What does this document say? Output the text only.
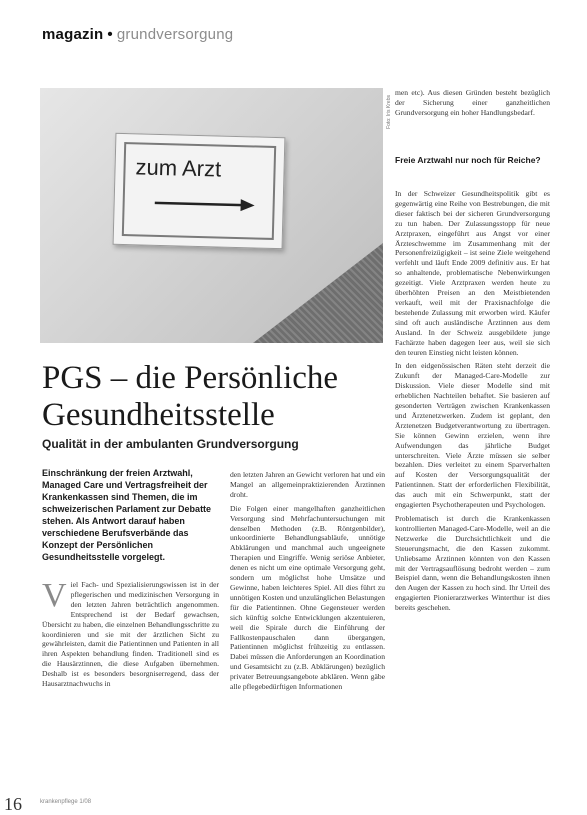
magazin • grundversorgung
zum Arzt
Foto: Iris Krebs
PGS – die Persönliche
Gesundheitsstelle
Qualität in der ambulanten Grundversorgung
Einschränkung der freien Arztwahl, Managed Care und Vertragsfreiheit der Krankenkassen sind Themen, die im schweizerischen Parlament zur Debatte stehen. Als Antwort darauf haben verschiedene Berufsverbände das Konzept der Persönlichen Gesundheitsstelle vorgelegt.
Viel Fach- und Spezialisierungswissen ist in der pflegerischen und medizinischen Versorgung in den letzten Jahren beträchtlich angenommen. Entsprechend ist der Bedarf gewachsen, Übersicht zu haben, die einzelnen Behandlungsschritte zu koordinieren und sie mit der ärztlichen Sicht zu gewährleisten, damit die Patientinnen und Patienten in all ihren Aspekten behandlung finden. Traditionell sind es die Hausärztinnen, die diese Aufgaben übernehmen. Deshalb ist es besonders besorgniserregend, dass der Hausarztnachwuchs in

den letzten Jahren an Gewicht verloren hat und ein Mangel an allgemeinpraktizierenden Ärztinnen droht.

Die Folgen einer mangelhaften ganzheitlichen Versorgung sind Mehrfachuntersuchungen mit denselben Methoden (z.B. Röntgenbilder), unkoordinierte Behandlungsabläufe, unnötige Abklärungen und manchmal auch ungeeignete Therapien und Eingriffe. Wenig seriöse Anbieter, denen es nicht um eine optimale Versorgung geht, sondern um möglichst hohe Umsätze und Gewinne, haben leichteres Spiel. All dies führt zu unnötigen Kosten und unzulänglichen Belastungen für die Patientinnen. Ohne Gegensteuer werden sich künftig solche Entwicklungen akzentuieren, weil die Spirale durch die Einführung der Fallkostenpauschalen dann übergangen, Patientinnen möglichst frühzeitig zu entlassen. Dabei müssen die Anforderungen an Koordination und Gesamtsicht zu (z.B. Abklärungen) bezüglich privater Betreuungsangebote abklären. Wenn gäbe alle pflegebedürftigen Informationen

men etc). Aus diesen Gründen besteht bezüglich der Sicherung einer ganzheitlichen Grundversorgung ein hoher Handlungsbedarf.

Freie Arztwahl nur noch für Reiche?

In der Schweizer Gesundheitspolitik gibt es gegenwärtig eine Reihe von Bestrebungen, die mit dieser faktisch bei der sicheren Grundversorgung zu tun haben. Der Zulassungsstopp für neue Arztpraxen, eingeführt aus Angst vor einer Ärzteschwemme im Zusammenhang mit der Personenfreizügigkeit – ist seine Ziele weitgehend verfehlt und läuft Ende 2009 definitiv aus. Er hat so anhaltende, problematische Nebenwirkungen gezeitigt. Viele Arztpraxen werden heute zu überhöhten Preisen an den Meistbietenden verkauft, weil mit der Praxisnachfolge die bestehende Zulassung mit erworben wird. Käufer sind oft auch ausländische Ärztinnen aus dem Ausland. In der Schweiz ausgebildete junge Fachärzte haben dagegen leer aus, weil sie sich den teuren Einstieg nicht leisten können.

In den eidgenössischen Räten steht derzeit die Zukunft der Managed-Care-Modelle zur Diskussion. Viele dieser Modelle sind mit erheblichen Nachteilen behaftet. Sie basieren auf gesonderten Verträgen zwischen Krankenkassen und Ärztenetzwerken. Zudem ist geplant, den Ärztenetzen Budgetverantwortung zu übertragen. Sie können Gewinn erzielen, wenn ihre Aufwendungen das jährliche Budget unterschreiten. Viele Ärzte müssen sie selber bezahlen. Dies verleitet zu einem Sparverhalten auf Kosten der Versorgungsqualität der Patientinnen. Statt der erforderlichen Flexibilität, das auch mit ein Schwerpunkt, statt der engagierten Psychotherapeuten und Psychologen.

Problematisch ist durch die Krankenkassen kontrollierten Managed-Care-Modelle, weil an die Netzwerke die Durchsichtlichkeit und die Steuerungsmacht, die den Kassen zukommt. Unliebsame Ärztinnen könnten von den Kassen mit der Vertragsauflösung bedroht werden – zum Beispiel dann, wenn die Behandlungskosten ihnen den Augen der Kassen zu hoch sind. Ihr Urteil des engagierten Pionierarztwerkes Winterthur ist dies bereits geschehen.

16	krankenpflege 1/08
